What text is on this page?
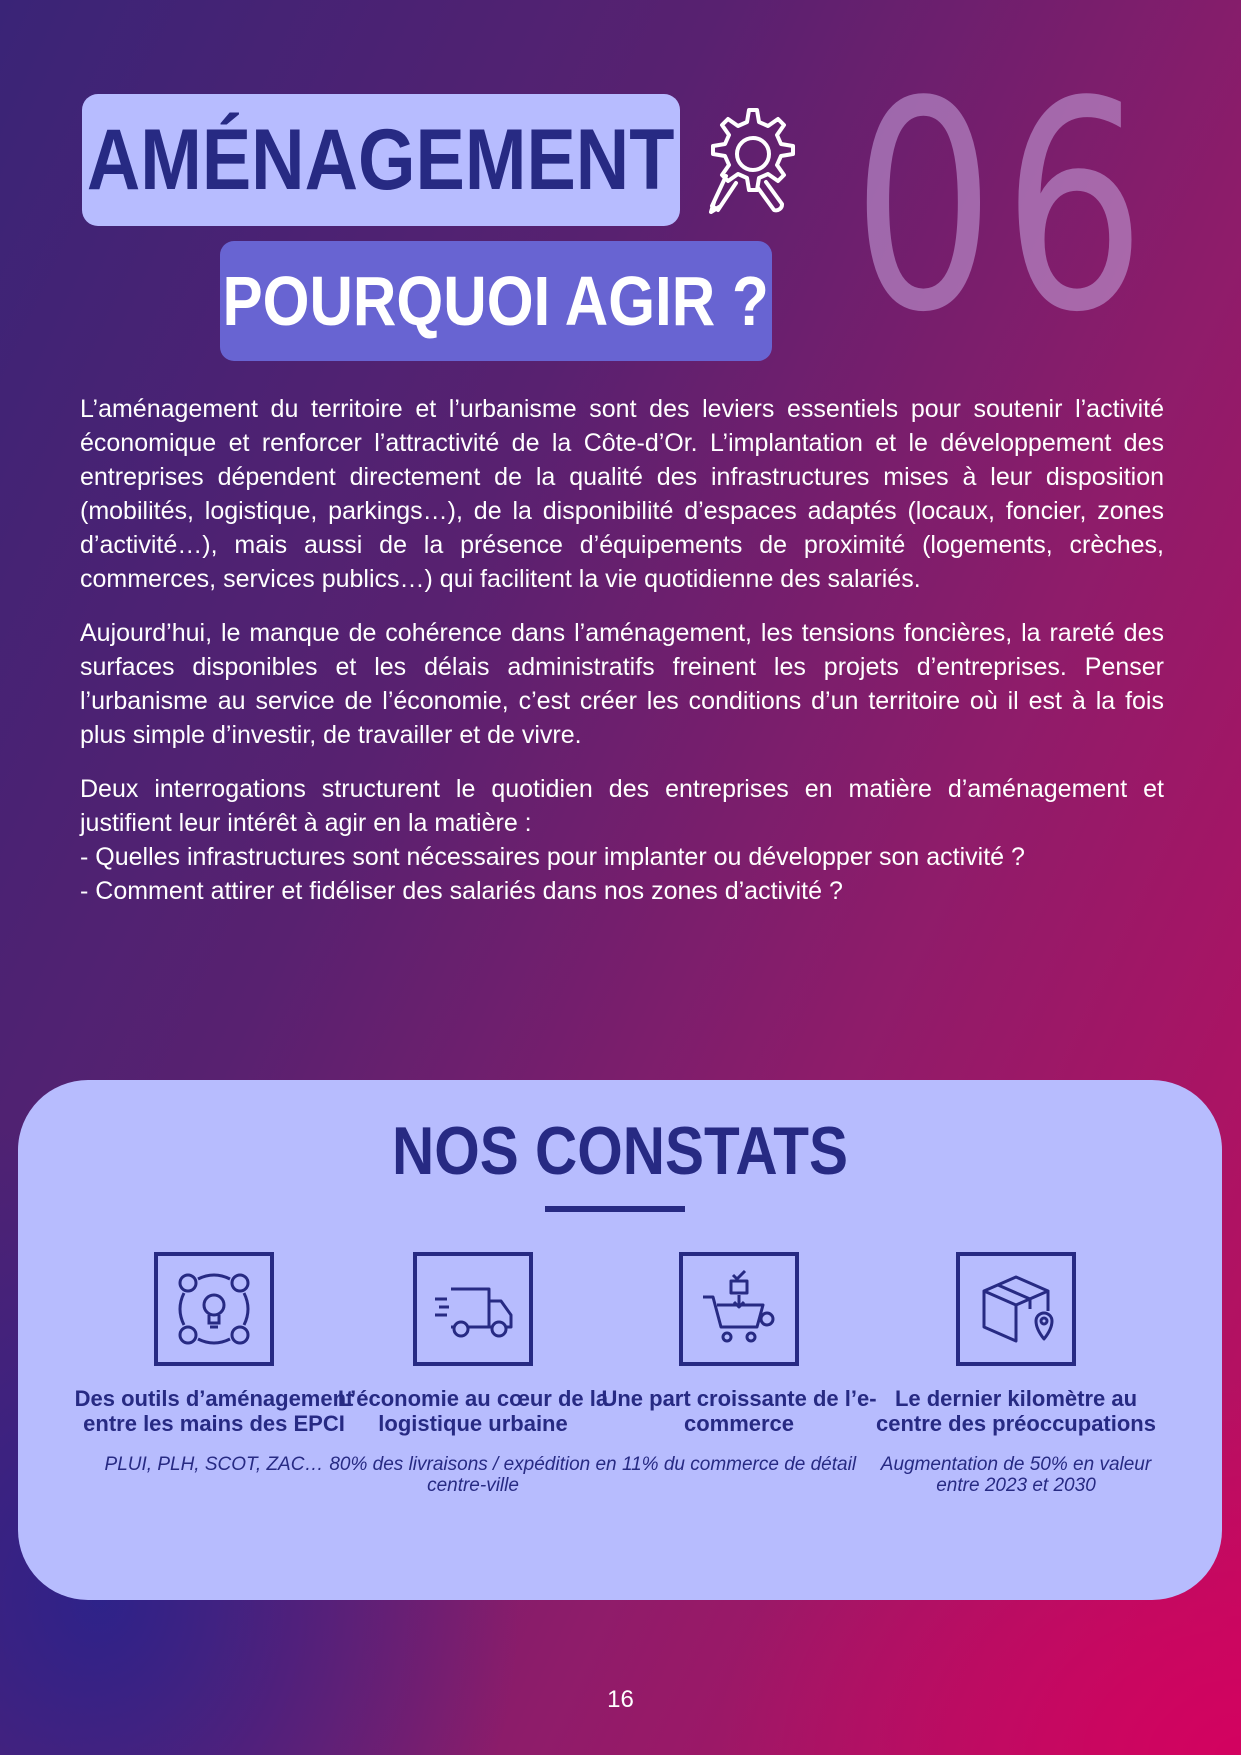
AMÉNAGEMENT 06
POURQUOI AGIR ?

L’aménagement du territoire et l’urbanisme sont des leviers essentiels pour soutenir l’activité économique et renforcer l’attractivité de la Côte-d’Or. L’implantation et le développement des entreprises dépendent directement de la qualité des infrastructures mises à leur disposition (mobilités, logistique, parkings…), de la disponibilité d’espaces adaptés (locaux, foncier, zones d’activité…), mais aussi de la présence d’équipements de proximité (logements, crèches, commerces, services publics…) qui facilitent la vie quotidienne des salariés.

Aujourd’hui, le manque de cohérence dans l’aménagement, les tensions foncières, la rareté des surfaces disponibles et les délais administratifs freinent les projets d’entreprises. Penser l’urbanisme au service de l’économie, c’est créer les conditions d’un territoire où il est à la fois plus simple d’investir, de travailler et de vivre.

Deux interrogations structurent le quotidien des entreprises en matière d’aménagement et justifient leur intérêt à agir en la matière :

- Quelles infrastructures sont nécessaires pour implanter ou développer son activité ?
- Comment attirer et fidéliser des salariés dans nos zones d’activité ?
NOS CONSTATS
Des outils d’aménagement entre les mains des EPCI
PLUI, PLH, SCOT, ZAC…
L’économie au cœur de la logistique urbaine
80% des livraisons / expédition en centre-ville
Une part croissante de l’e-commerce
11% du commerce de détail
Le dernier kilomètre au centre des préoccupations
Augmentation de 50% en valeur entre 2023 et 2030
16
